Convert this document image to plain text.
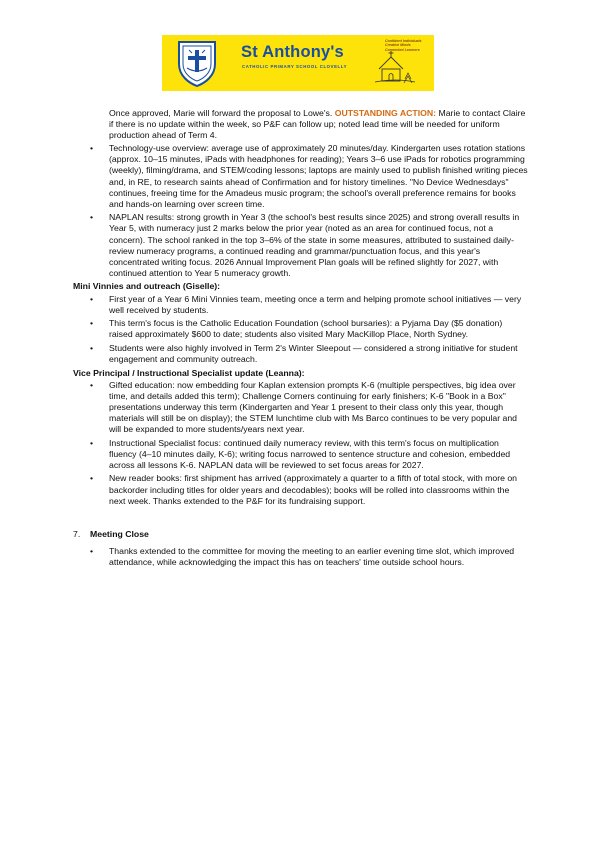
St Anthony's
CATHOLIC PRIMARY SCHOOL CLOVELLY
Confident Individuals
Creative Minds
Connected Learners

Once approved, Marie will forward the proposal to Lowe's. OUTSTANDING ACTION: Marie to contact Claire if there is no update within the week, so P&F can follow up; noted lead time will be needed for uniform production ahead of Term 4.

• Technology-use overview: average use of approximately 20 minutes/day. Kindergarten uses rotation stations (approx. 10–15 minutes, iPads with headphones for reading); Years 3–6 use iPads for robotics programming (weekly), filming/drama, and STEM/coding lessons; laptops are mainly used to publish finished writing pieces and, in RE, to research saints ahead of Confirmation and for history timelines. "No Device Wednesdays" continues, freeing time for the Amadeus music program; the school's overall preference remains for books and hands-on learning over screen time.
• NAPLAN results: strong growth in Year 3 (the school's best results since 2025) and strong overall results in Year 5, with numeracy just 2 marks below the prior year (noted as an area for continued focus, not a concern). The school ranked in the top 3–6% of the state in some measures, attributed to sustained daily-review numeracy programs, a continued reading and grammar/punctuation focus, and this year's concentrated writing focus. 2026 Annual Improvement Plan goals will be refined slightly for 2027, with continued attention to Year 5 numeracy growth.

Mini Vinnies and outreach (Giselle):

• First year of a Year 6 Mini Vinnies team, meeting once a term and helping promote school initiatives — very well received by students.
• This term's focus is the Catholic Education Foundation (school bursaries): a Pyjama Day ($5 donation) raised approximately $600 to date; students also visited Mary MacKillop Place, North Sydney.
• Students were also highly involved in Term 2's Winter Sleepout — considered a strong initiative for student engagement and community outreach.

Vice Principal / Instructional Specialist update (Leanna):

• Gifted education: now embedding four Kaplan extension prompts K-6 (multiple perspectives, big idea over time, and details added this term); Challenge Corners continuing for early finishers; K-6 "Book in a Box" presentations underway this term (Kindergarten and Year 1 present to their class only this year, though materials will still be on display); the STEM lunchtime club with Ms Barco continues to be very popular and will be expanded to more students/years next year.
• Instructional Specialist focus: continued daily numeracy review, with this term's focus on multiplication fluency (4–10 minutes daily, K-6); writing focus narrowed to sentence structure and cohesion, embedded across all lessons K-6. NAPLAN data will be reviewed to set focus areas for 2027.
• New reader books: first shipment has arrived (approximately a quarter to a fifth of total stock, with more on backorder including titles for older years and decodables); books will be rolled into classrooms within the next week. Thanks extended to the P&F for its fundraising support.
7. Meeting Close
• Thanks extended to the committee for moving the meeting to an earlier evening time slot, which improved attendance, while acknowledging the impact this has on teachers' time outside school hours.
